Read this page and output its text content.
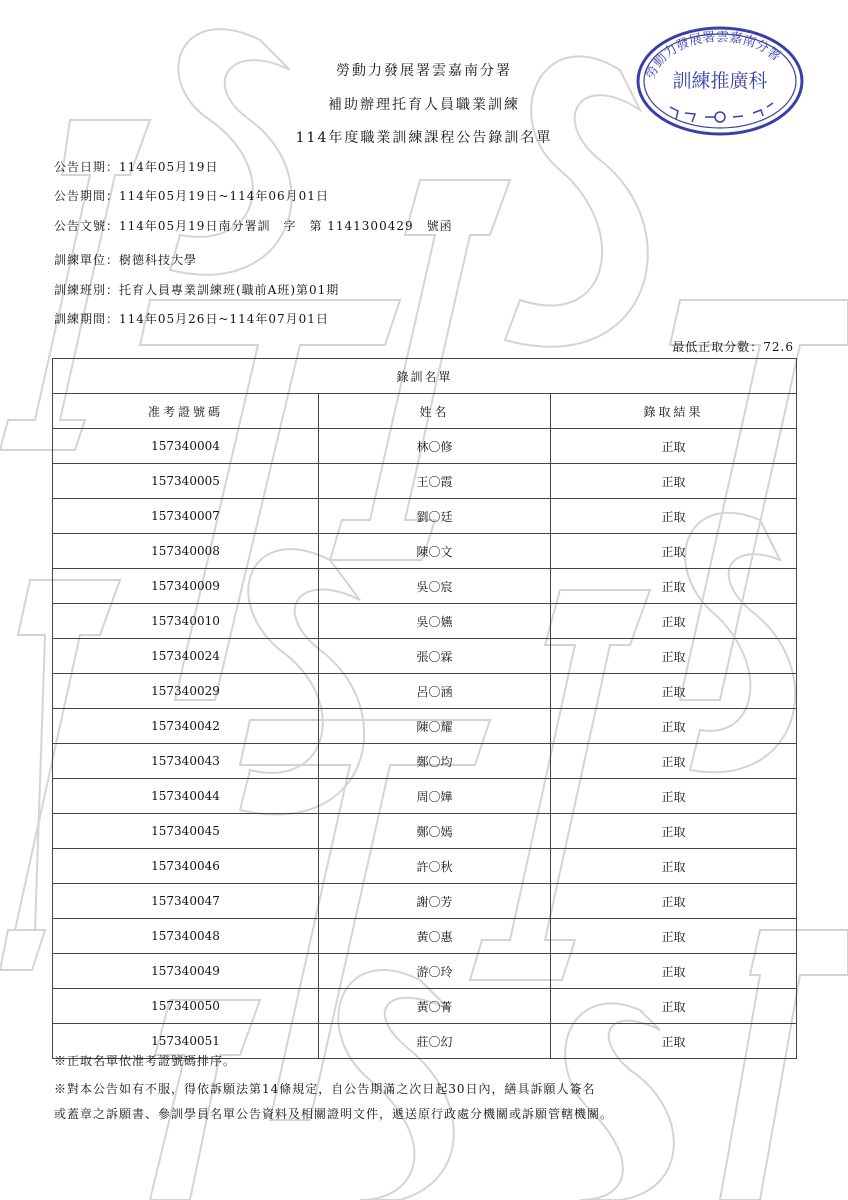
勞動力發展署雲嘉南分署
訓練推廣科
勞動力發展署雲嘉南分署
補助辦理托育人員職業訓練
114年度職業訓練課程公告錄訓名單
公告日期：114年05月19日
公告期間：114年05月19日~114年06月01日
公告文號：114年05月19日南分署訓　字　第 1141300429　號函
訓練單位：樹德科技大學
訓練班別：托育人員專業訓練班(職前A班)第01期
訓練期間：114年05月26日~114年07月01日
最低正取分數：72.6
錄訓名單		
准考證號碼	姓名	錄取結果
157340004	林〇修	正取
157340005	王〇霞	正取
157340007	劉〇廷	正取
157340008	陳〇文	正取
157340009	吳〇宸	正取
157340010	吳〇嬿	正取
157340024	張〇霖	正取
157340029	呂〇涵	正取
157340042	陳〇耀	正取
157340043	鄭〇均	正取
157340044	周〇嬅	正取
157340045	鄭〇嫣	正取
157340046	許〇秋	正取
157340047	謝〇芳	正取
157340048	黃〇惠	正取
157340049	游〇玲	正取
157340050	黃〇菁	正取
157340051	莊〇幻	正取
※正取名單依准考證號碼排序。
※對本公告如有不服，得依訴願法第14條規定，自公告期滿之次日起30日內，繕具訴願人簽名
或蓋章之訴願書、參訓學員名單公告資料及相關證明文件，遞送原行政處分機關或訴願管轄機關。
